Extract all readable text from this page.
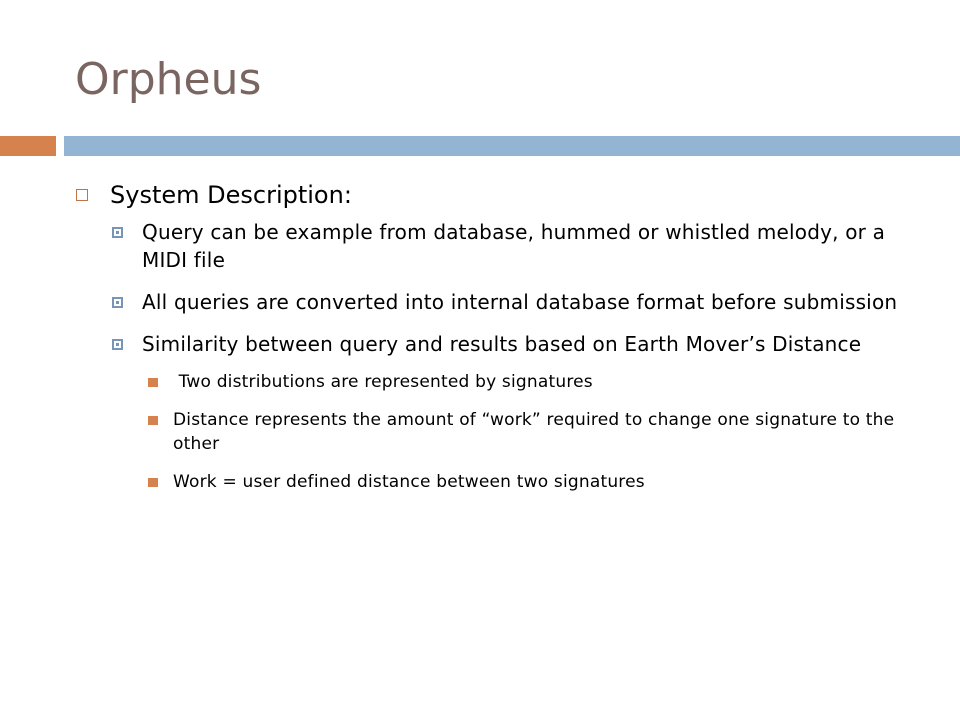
Orpheus
System Description:
Query can be example from database, hummed or whistled melody, or a MIDI file
All queries are converted into internal database format before submission
Similarity between query and results based on Earth Mover’s Distance
Two distributions are represented by signatures
Distance represents the amount of “work” required to change one signature to the other
Work = user defined distance between two signatures
